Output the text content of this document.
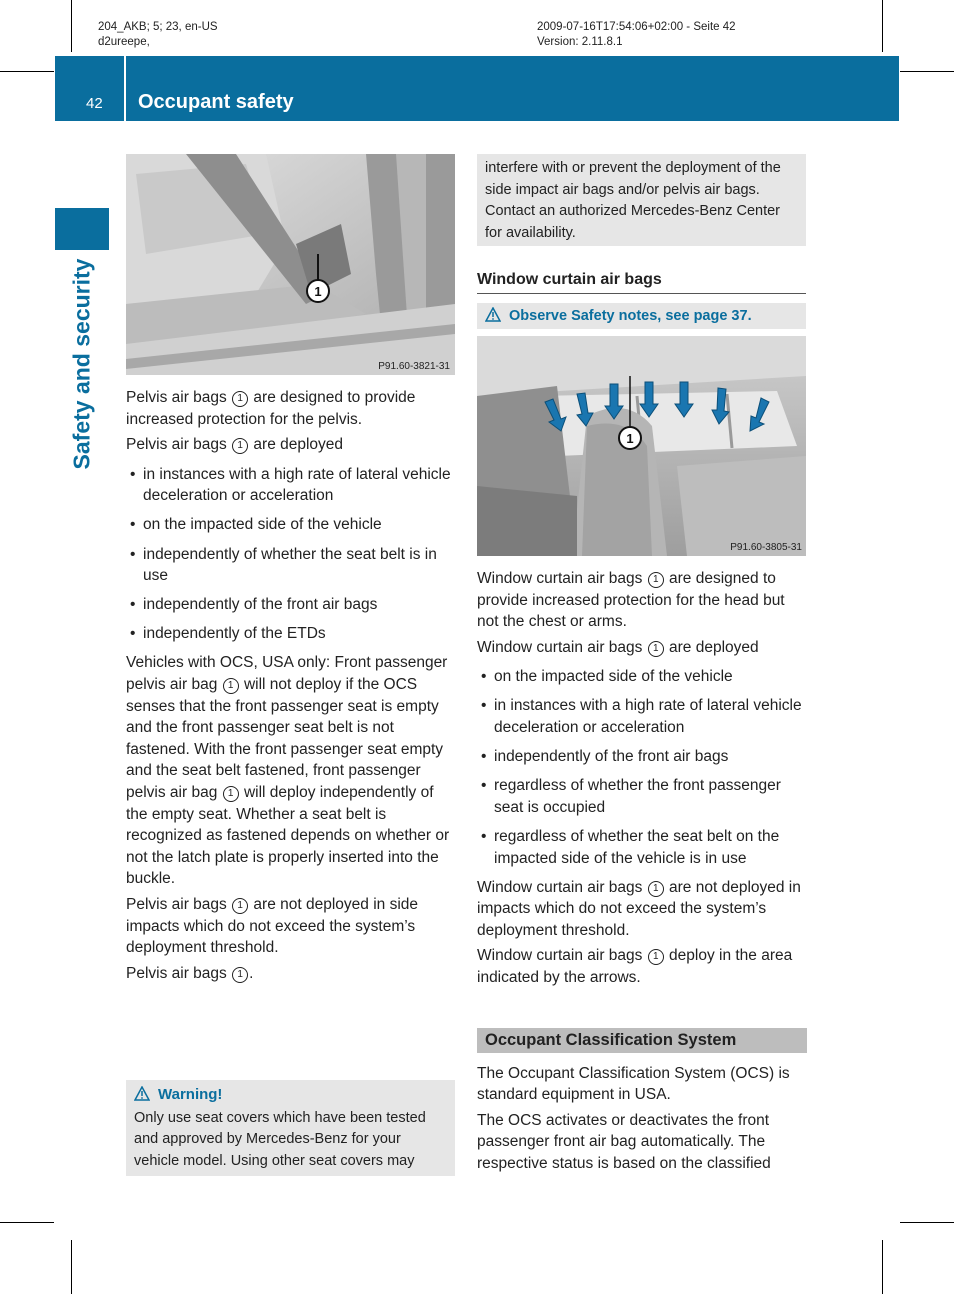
204_AKB; 5; 23, en-US
d2ureepe,
2009-07-16T17:54:06+02:00 - Seite 42
Version: 2.11.8.1
42 Occupant safety
Safety and security	1
P91.60-3821-31

Pelvis air bags 1 are designed to provide increased protection for the pelvis.

Pelvis air bags 1 are deployed

• in instances with a high rate of lateral vehicle deceleration or acceleration
• on the impacted side of the vehicle
• independently of whether the seat belt is in use
• independently of the front air bags
• independently of the ETDs

Vehicles with OCS, USA only: Front passenger pelvis air bag 1 will not deploy if the OCS senses that the front passenger seat is empty and the front passenger seat belt is not fastened. With the front passenger seat empty and the seat belt fastened, front passenger pelvis air bag 1 will deploy independently of the empty seat. Whether a seat belt is recognized as fastened depends on whether or not the latch plate is properly inserted into the buckle.

Pelvis air bags 1 are not deployed in side impacts which do not exceed the system’s deployment threshold.

Pelvis air bags 1 .

Warning!
Only use seat covers which have been tested and approved by Mercedes-Benz for your vehicle model. Using other seat covers may
interfere with or prevent the deployment of the side impact air bags and/or pelvis air bags. Contact an authorized Mercedes-Benz Center for availability.
Window curtain air bags
Observe Safety notes, see page 37.
1
P91.60-3805-31

Window curtain air bags 1 are designed to provide increased protection for the head but not the chest or arms.

Window curtain air bags 1 are deployed

• on the impacted side of the vehicle
• in instances with a high rate of lateral vehicle deceleration or acceleration
• independently of the front air bags
• regardless of whether the front passenger seat is occupied
• regardless of whether the seat belt on the impacted side of the vehicle is in use

Window curtain air bags 1 are not deployed in impacts which do not exceed the system’s deployment threshold.

Window curtain air bags 1 deploy in the area indicated by the arrows.

Occupant Classification System

The Occupant Classification System (OCS) is standard equipment in USA.

The OCS activates or deactivates the front passenger front air bag automatically. The respective status is based on the classified
